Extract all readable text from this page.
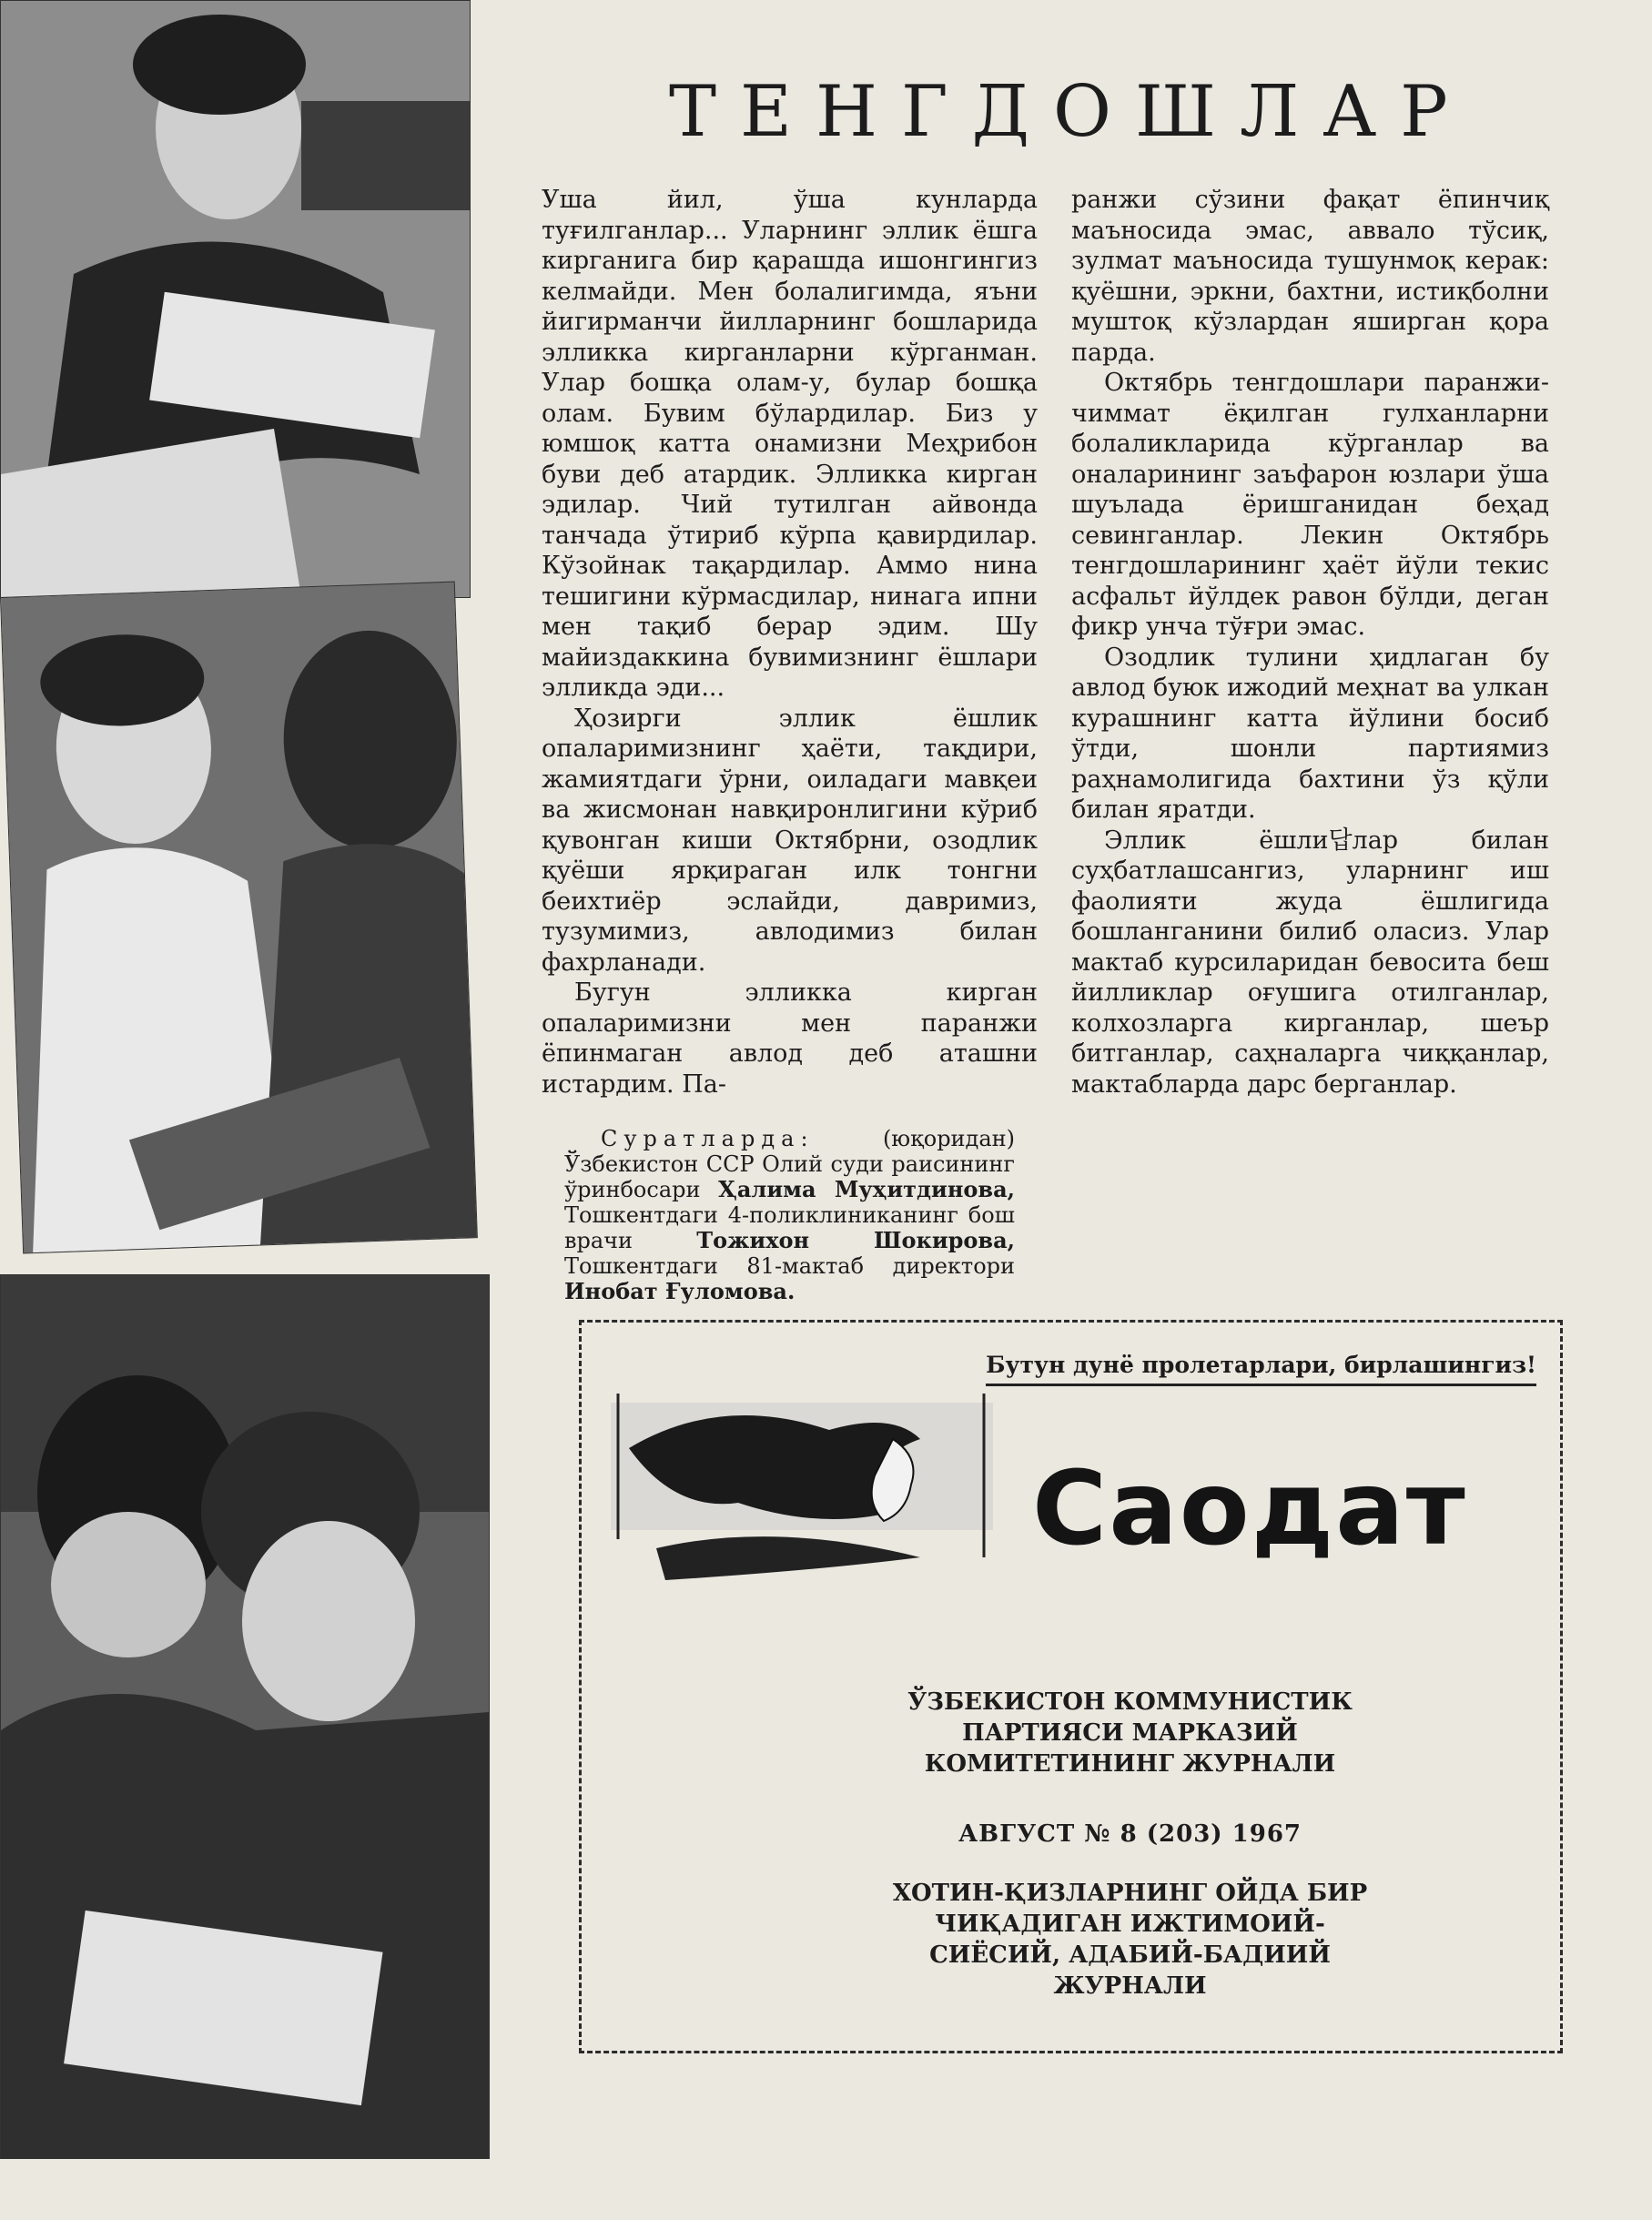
ТЕНГДОШЛАР

Уша йил, ўша кунларда туғилганлар... Уларнинг эллик ёшга кирганига бир қарашда ишонгингиз келмайди. Мен болалигимда, яъни йигирманчи йилларнинг бошларида элликка кирганларни кўрганман. Улар бошқа олам-у, булар бошқа олам. Бувим бўлардилар. Биз у юмшоқ катта онамизни Меҳрибон буви деб атардик. Элликка кирган эдилар. Чий тутилган айвонда танчада ўтириб кўрпа қавирдилар. Кўзойнак тақардилар. Аммо нина тешигини кўрмасдилар, нинага ипни мен тақиб берар эдим. Шу майиздаккина бувимизнинг ёшлари элликда эди...

Ҳозирги эллик ёшлик опаларимизнинг ҳаёти, тақдири, жамиятдаги ўрни, оиладаги мавқеи ва жисмонан навқиронлигини кўриб қувонган киши Октябрни, озодлик қуёши ярқираган илк тонгни беихтиёр эслайди, давримиз, тузумимиз, авлодимиз билан фахрланади.

Бугун элликка кирган опаларимизни мен паранжи ёпинмаган авлод деб аташни истардим. Па-

ранжи сўзини фақат ёпинчиқ маъносида эмас, аввало тўсиқ, зулмат маъносида тушунмоқ керак: қуёшни, эркни, бахтни, истиқболни муштоқ кўзлардан яширган қора парда.

Октябрь тенгдошлари паранжи-чиммат ёқилган гулханларни болаликларида кўрганлар ва оналарининг заъфарон юзлари ўша шуълада ёришганидан беҳад севинганлар. Лекин Октябрь тенгдошларининг ҳаёт йўли текис асфальт йўлдек равон бўлди, деган фикр унча тўғри эмас.

Озодлик тулини ҳидлаган бу авлод буюк ижодий меҳнат ва улкан курашнинг катта йўлини босиб ўтди, шонли партиямиз раҳнамолигида бахтини ўз қўли билан яратди.

Эллик ёшли답лар билан суҳбатлашсангиз, уларнинг иш фаолияти жуда ёшлигида бошланганини билиб оласиз. Улар мактаб курсиларидан бевосита беш йилликлар оғушига отилганлар, колхозларга кирганлар, шеър битганлар, саҳналарга чиққанлар, мактабларда дарс берганлар.

Суратларда:	(юқоридан) Ўзбекистон ССР Олий суди раисининг ўринбосари Ҳалима Муҳитдинова, Тошкентдаги 4-поликлиниканинг бош врачи	Тожихон Шокирова, Тошкентдаги 81-мактаб директори Инобат Ғуломова.
Бутун дунё пролетарлари, бирлашингиз!
Саодат
ЎЗБЕКИСТОН КОММУНИСТИК
ПАРТИЯСИ МАРКАЗИЙ
КОМИТЕТИНИНГ ЖУРНАЛИ
АВГУСТ № 8 (203) 1967
ХОТИН-ҚИЗЛАРНИНГ ОЙДА БИР
ЧИҚАДИГАН ИЖТИМОИЙ-
СИЁСИЙ, АДАБИЙ-БАДИИЙ
ЖУРНАЛИ
